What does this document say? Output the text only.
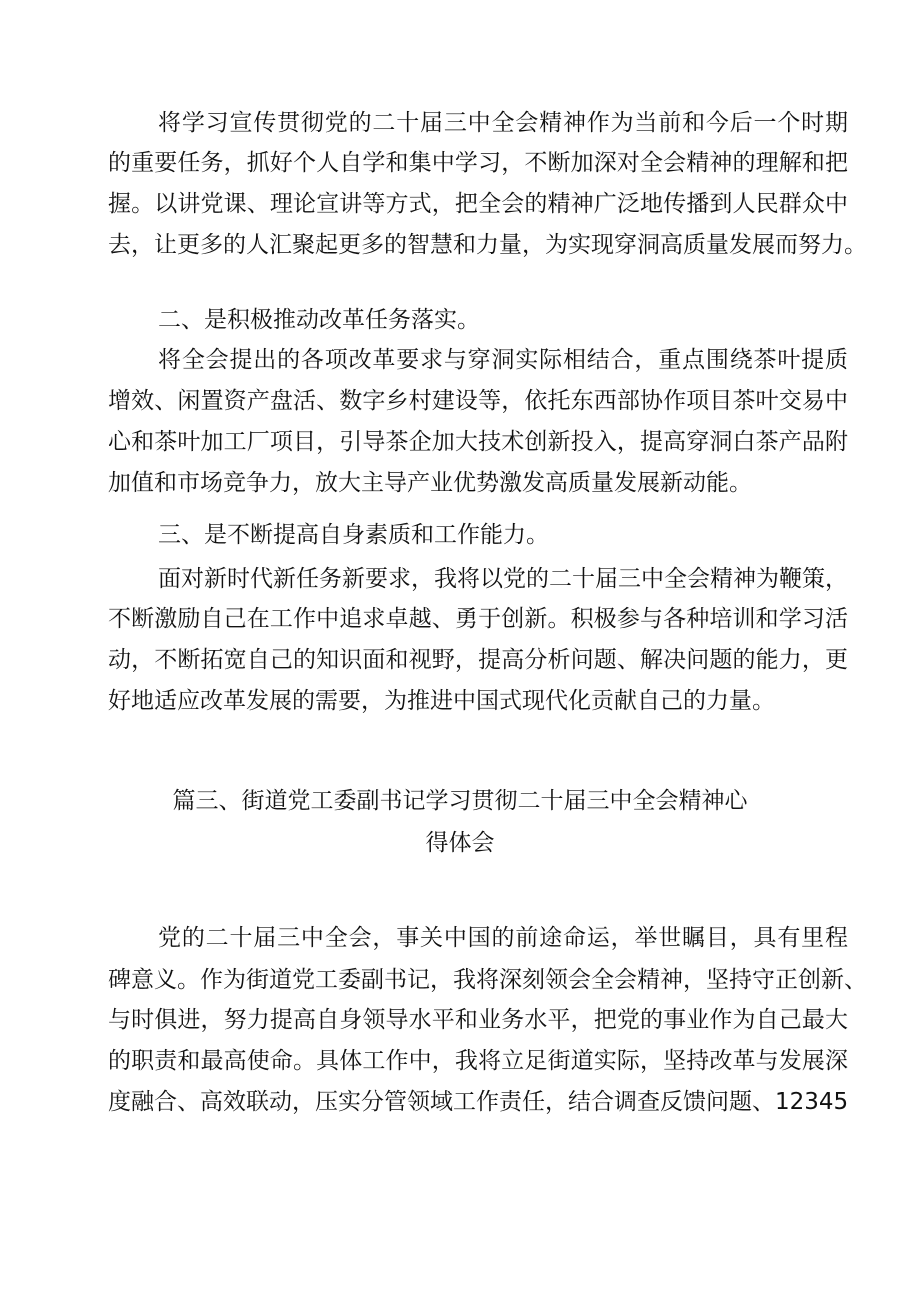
将学习宣传贯彻党的二十届三中全会精神作为当前和今后一个时期
的重要任务，抓好个人自学和集中学习，不断加深对全会精神的理解和把
握。以讲党课、理论宣讲等方式，把全会的精神广泛地传播到人民群众中
去，让更多的人汇聚起更多的智慧和力量，为实现穿洞高质量发展而努力。
二、是积极推动改革任务落实。
将全会提出的各项改革要求与穿洞实际相结合，重点围绕茶叶提质
增效、闲置资产盘活、数字乡村建设等，依托东西部协作项目茶叶交易中
心和茶叶加工厂项目，引导茶企加大技术创新投入，提高穿洞白茶产品附
加值和市场竞争力，放大主导产业优势激发高质量发展新动能。
三、是不断提高自身素质和工作能力。
面对新时代新任务新要求，我将以党的二十届三中全会精神为鞭策，
不断激励自己在工作中追求卓越、勇于创新。积极参与各种培训和学习活
动，不断拓宽自己的知识面和视野，提高分析问题、解决问题的能力，更
好地适应改革发展的需要，为推进中国式现代化贡献自己的力量。
篇三、街道党工委副书记学习贯彻二十届三中全会精神心
得体会
党的二十届三中全会，事关中国的前途命运，举世瞩目，具有里程
碑意义。作为街道党工委副书记，我将深刻领会全会精神，坚持守正创新、
与时俱进，努力提高自身领导水平和业务水平，把党的事业作为自己最大
的职责和最高使命。具体工作中，我将立足街道实际，坚持改革与发展深
度融合、高效联动，压实分管领域工作责任，结合调查反馈问题、12345
